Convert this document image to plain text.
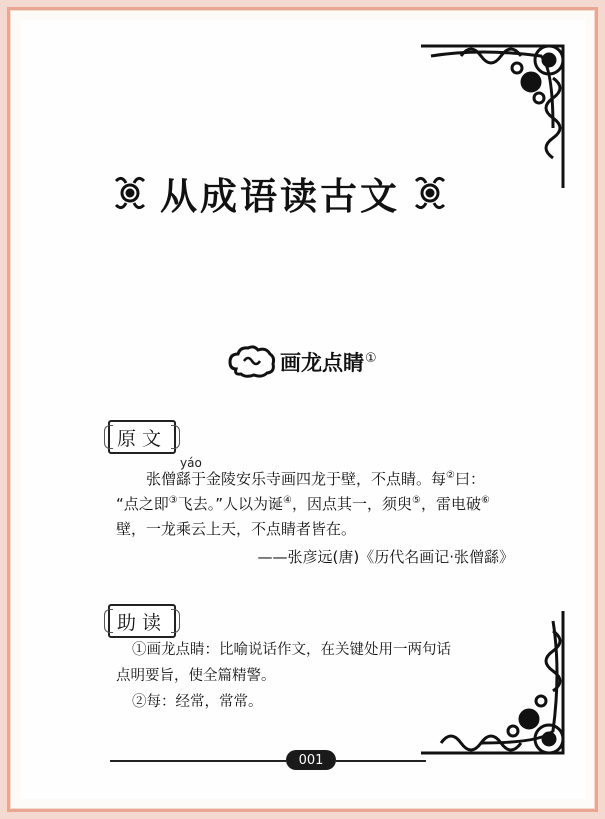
从成语读古文
画龙点睛①
原文
yáo
张僧繇于金陵安乐寺画四龙于壁，不点睛。每②曰：
“点之即③飞去。”人以为诞④，因点其一，须臾⑤，雷电破⑥
壁，一龙乘云上天，不点睛者皆在。
——张彦远(唐)《历代名画记·张僧繇》
助读
①画龙点睛：比喻说话作文，在关键处用一两句话
点明要旨，使全篇精警。
②每：经常，常常。
001
